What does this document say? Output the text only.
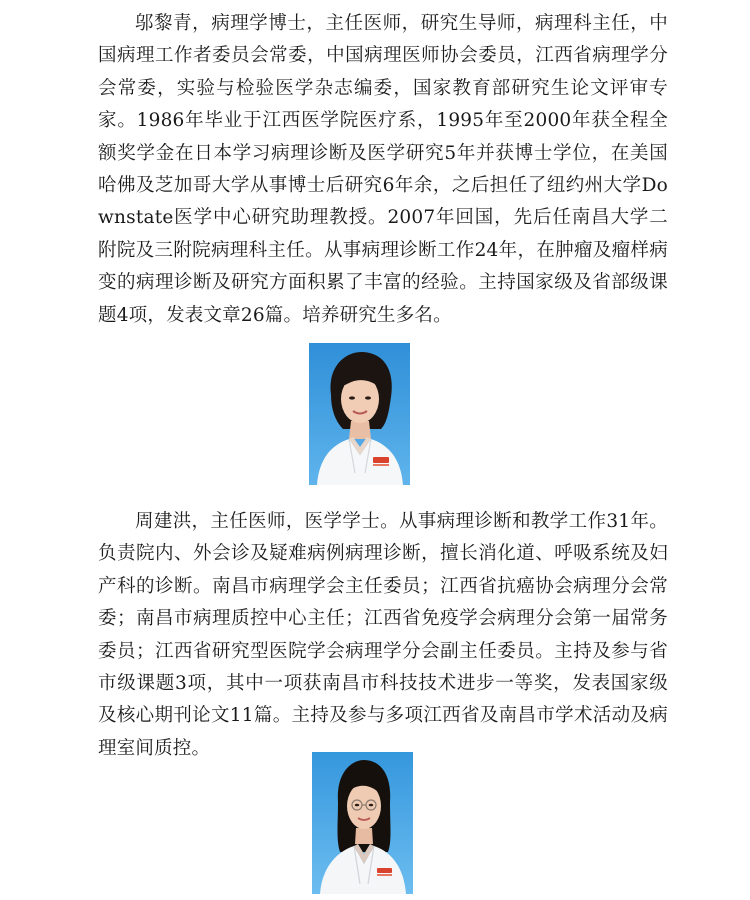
邬黎青，病理学博士，主任医师，研究生导师，病理科主任，中国病理工作者委员会常委，中国病理医师协会委员，江西省病理学分会常委，实验与检验医学杂志编委，国家教育部研究生论文评审专家。1986年毕业于江西医学院医疗系，1995年至2000年获全程全额奖学金在日本学习病理诊断及医学研究5年并获博士学位，在美国哈佛及芝加哥大学从事博士后研究6年余，之后担任了纽约州大学Downstate医学中心研究助理教授。2007年回国，先后任南昌大学二附院及三附院病理科主任。从事病理诊断工作24年，在肿瘤及瘤样病变的病理诊断及研究方面积累了丰富的经验。主持国家级及省部级课题4项，发表文章26篇。培养研究生多名。

周建洪，主任医师，医学学士。从事病理诊断和教学工作31年。负责院内、外会诊及疑难病例病理诊断，擅长消化道、呼吸系统及妇产科的诊断。南昌市病理学会主任委员；江西省抗癌协会病理分会常委；南昌市病理质控中心主任；江西省免疫学会病理分会第一届常务委员；江西省研究型医院学会病理学分会副主任委员。主持及参与省市级课题3项，其中一项获南昌市科技技术进步一等奖，发表国家级及核心期刊论文11篇。主持及参与多项江西省及南昌市学术活动及病理室间质控。
